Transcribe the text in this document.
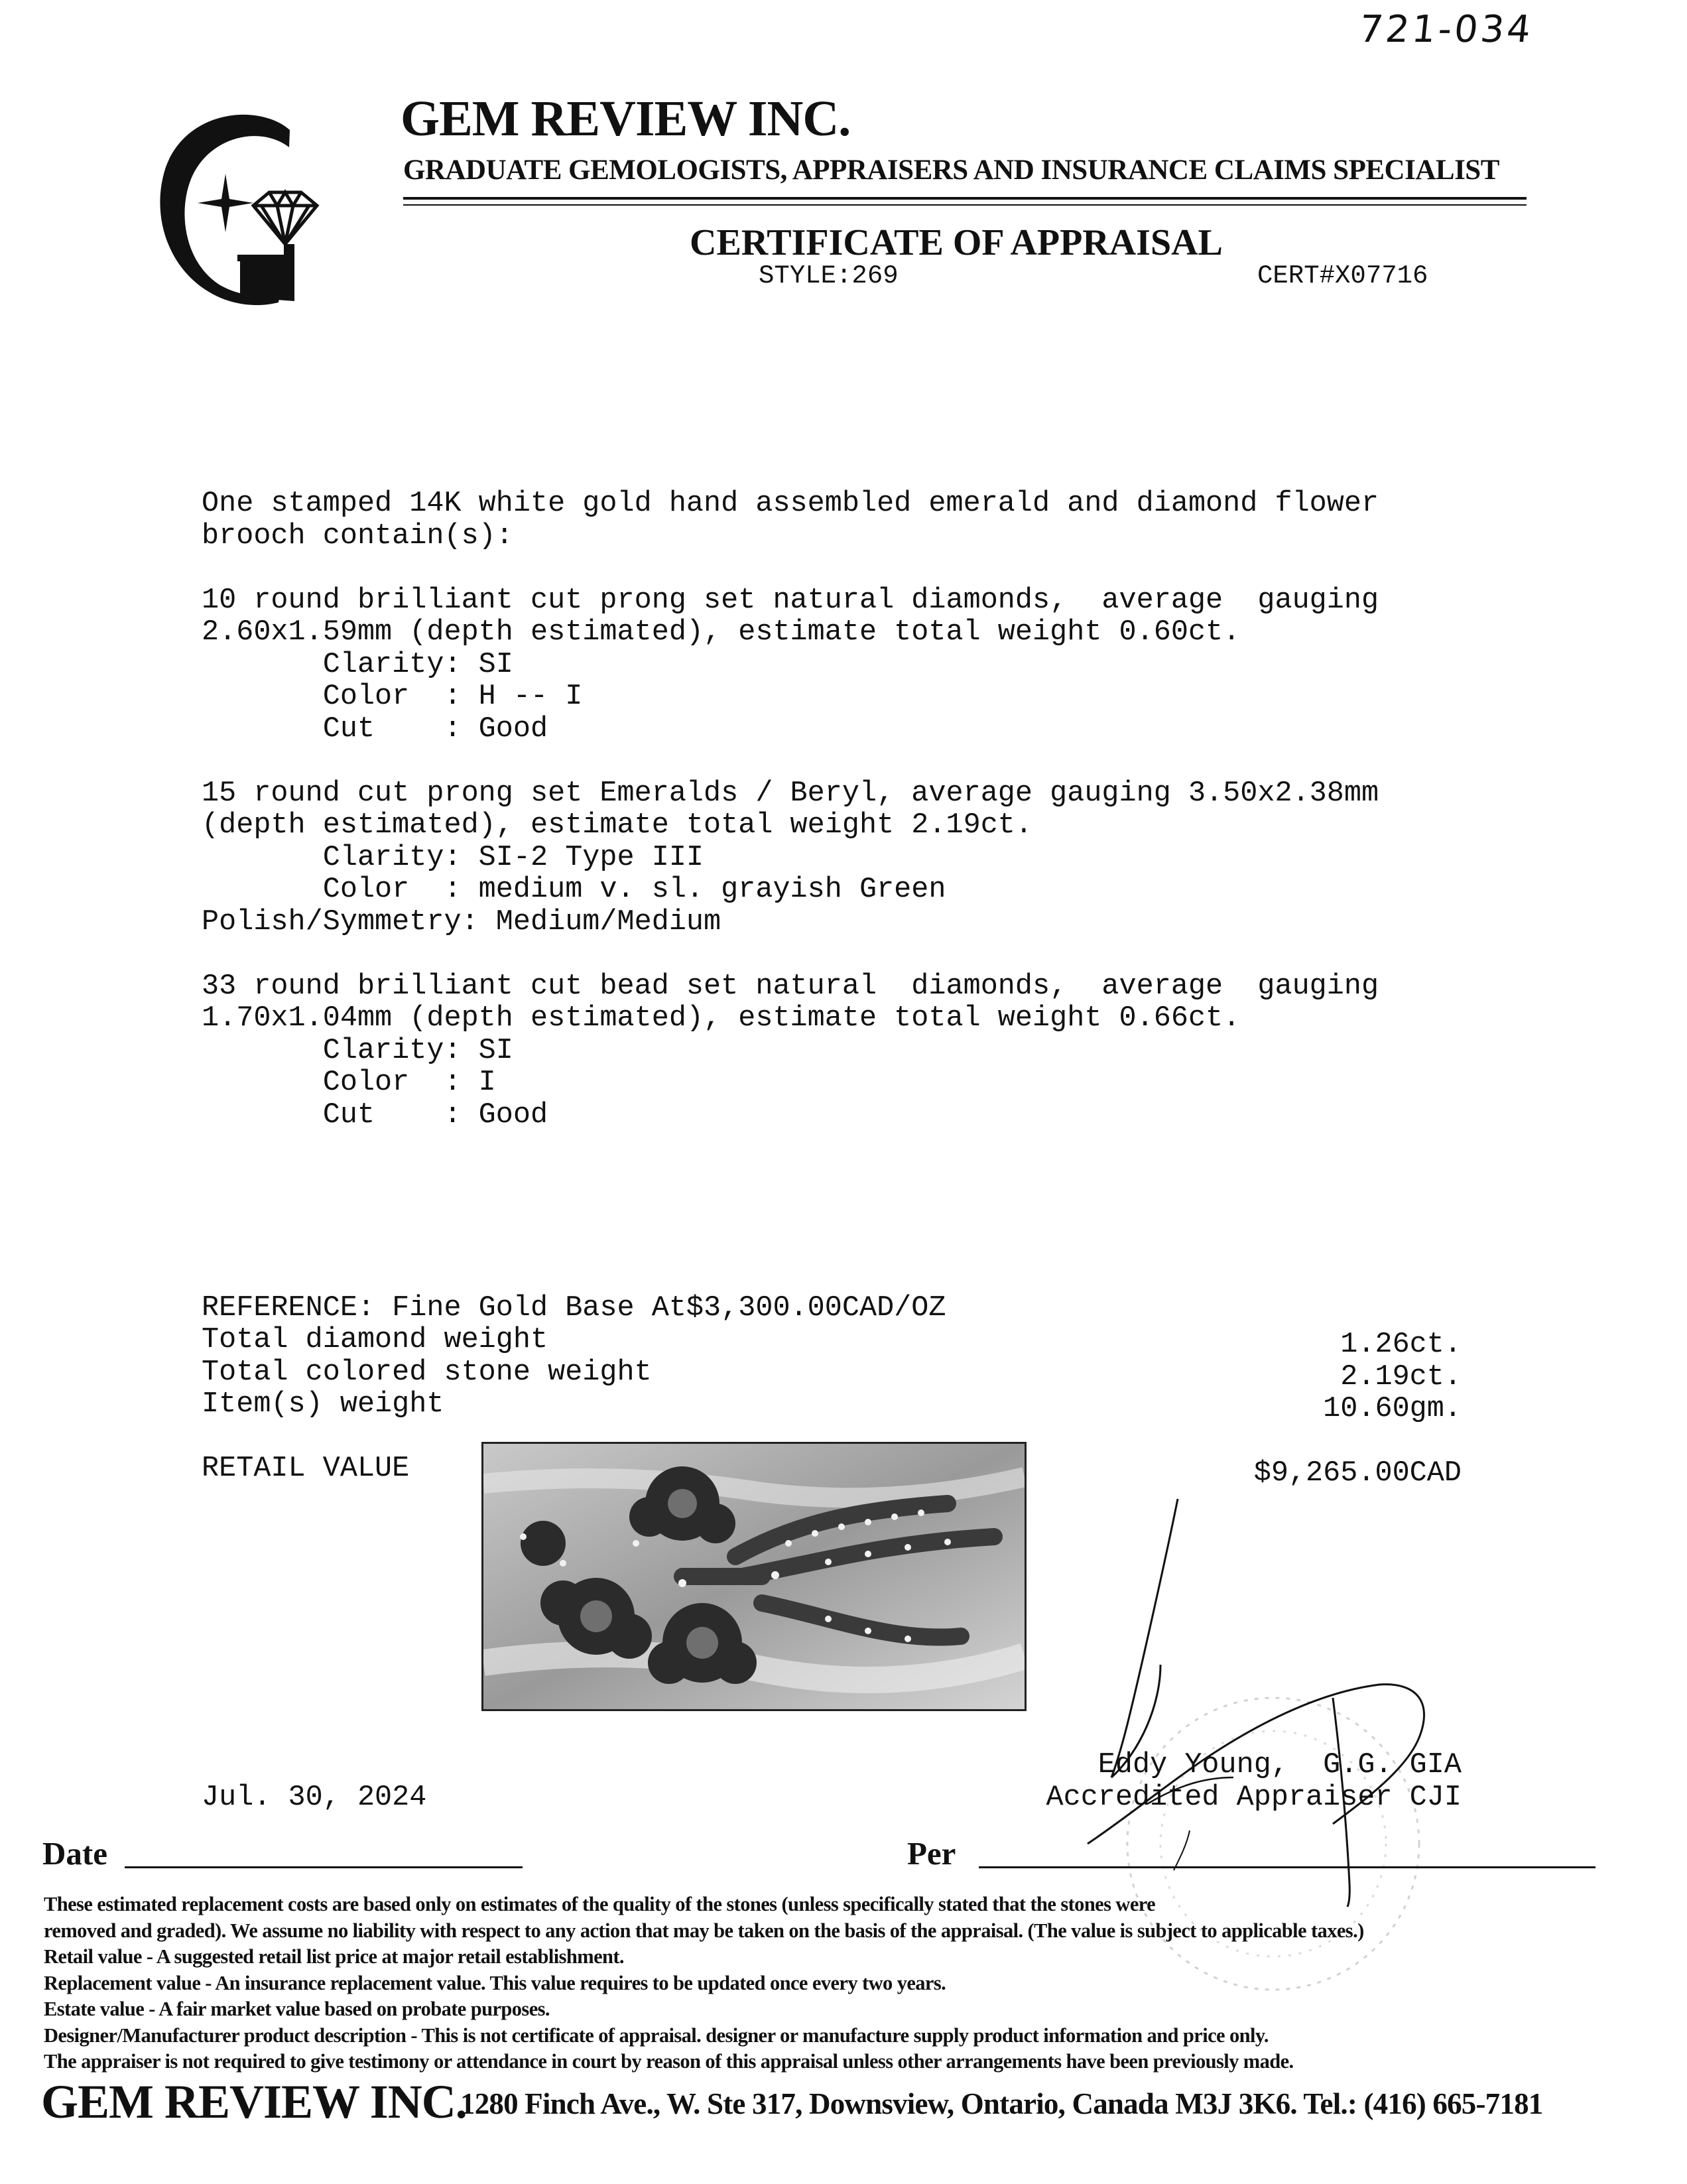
721-034
GEM REVIEW INC.
GRADUATE GEMOLOGISTS, APPRAISERS AND INSURANCE CLAIMS SPECIALIST
CERTIFICATE OF APPRAISAL
STYLE:269	CERT#X07716
One stamped 14K white gold hand assembled emerald and diamond flower
brooch contain(s):

10 round brilliant cut prong set natural diamonds,  average  gauging
2.60x1.59mm (depth estimated), estimate total weight 0.60ct.
Clarity: SI
Color  : H -- I
Cut    : Good

15 round cut prong set Emeralds / Beryl, average gauging 3.50x2.38mm
(depth estimated), estimate total weight 2.19ct.
Clarity: SI-2 Type III
Color  : medium v. sl. grayish Green
Polish/Symmetry: Medium/Medium

33 round brilliant cut bead set natural  diamonds,  average  gauging
1.70x1.04mm (depth estimated), estimate total weight 0.66ct.
Clarity: SI
Color  : I
Cut    : Good

REFERENCE: Fine Gold Base At$3,300.00CAD/OZ
Total diamond weight
Total colored stone weight
Item(s) weight

RETAIL VALUE
1.26ct.
2.19ct.
10.60gm.

$9,265.00CAD
Jul. 30, 2024
Eddy Young,  G.G. GIA
Accredited Appraiser CJI
Date	Per
These estimated replacement costs are based only on estimates of the quality of the stones (unless specifically stated that the stones were
removed and graded). We assume no liability with respect to any action that may be taken on the basis of the appraisal. (The value is subject to applicable taxes.)
Retail value - A suggested retail list price at major retail establishment.
Replacement value - An insurance replacement value. This value requires to be updated once every two years.
Estate value - A fair market value based on probate purposes.
Designer/Manufacturer product description - This is not certificate of appraisal. designer or manufacture supply product information and price only.
The appraiser is not required to give testimony or attendance in court by reason of this appraisal unless other arrangements have been previously made.
GEM REVIEW INC.
1280 Finch Ave., W. Ste 317, Downsview, Ontario, Canada M3J 3K6. Tel.: (416) 665-7181
